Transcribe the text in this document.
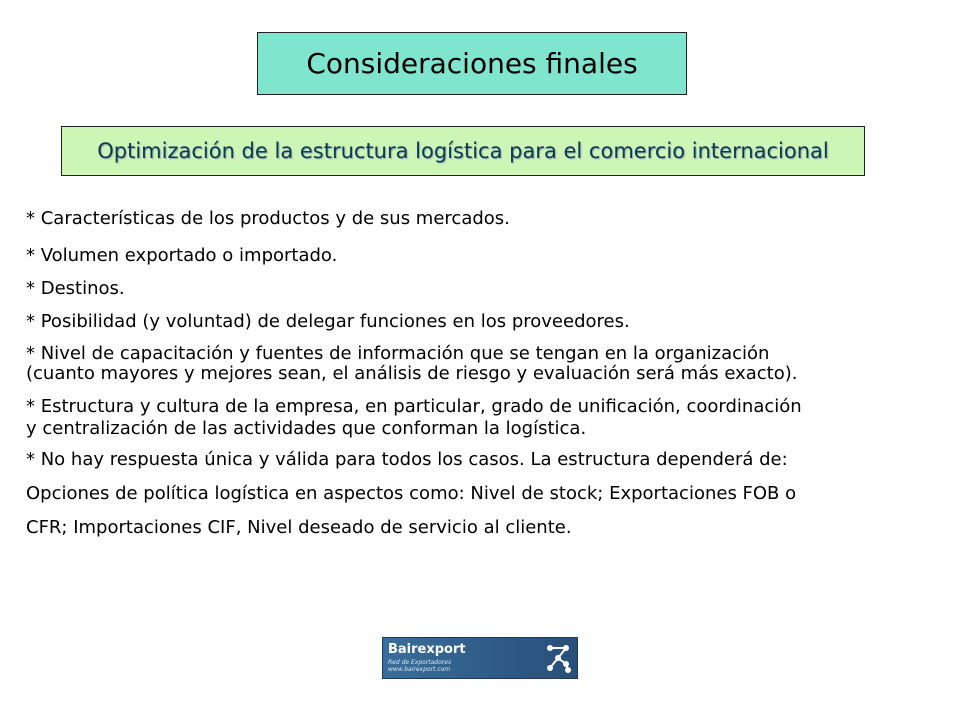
Consideraciones finales
Optimización de la estructura logística para el comercio internacional

* Características de los productos y de sus mercados.

* Volumen exportado o importado.

* Destinos.

* Posibilidad (y voluntad) de delegar funciones en los proveedores.

* Nivel de capacitación y fuentes de información que se tengan en la organización
(cuanto mayores y mejores sean, el análisis de riesgo y evaluación será más exacto).

* Estructura y cultura de la empresa, en particular, grado de unificación, coordinación
y centralización de las actividades que conforman la logística.

* No hay respuesta única y válida para todos los casos. La estructura dependerá de:

Opciones de política logística en aspectos como: Nivel de stock; Exportaciones FOB o

CFR; Importaciones CIF, Nivel deseado de servicio al cliente.

Bairexport
Red de Exportadores
www.bairexport.com
